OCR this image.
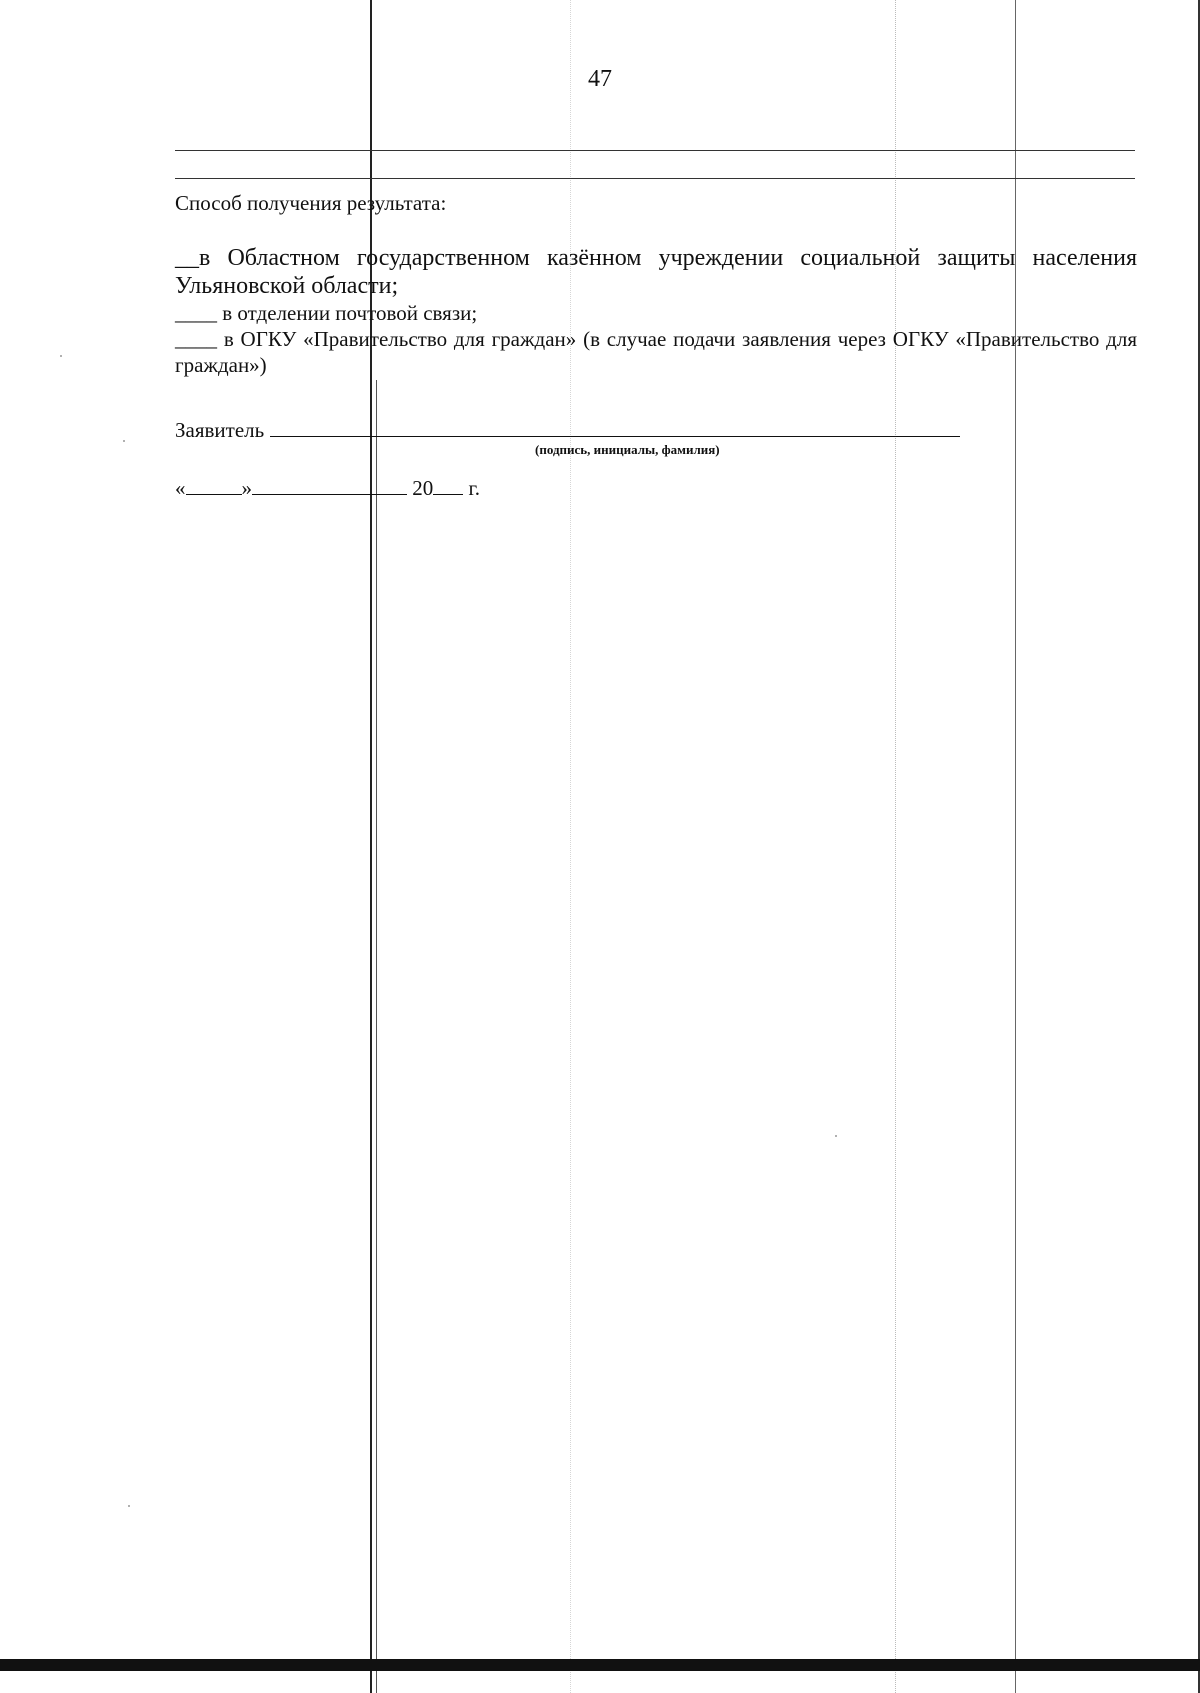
47

Способ получения результата:

__в Областном государственном казённом учреждении социальной защиты населения Ульяновской области;

____ в отделении почтовой связи;

____ в ОГКУ «Правительство для граждан» (в случае подачи заявления через ОГКУ «Правительство для граждан»)

Заявитель
(подпись, инициалы, фамилия)
«	»	20 г.
